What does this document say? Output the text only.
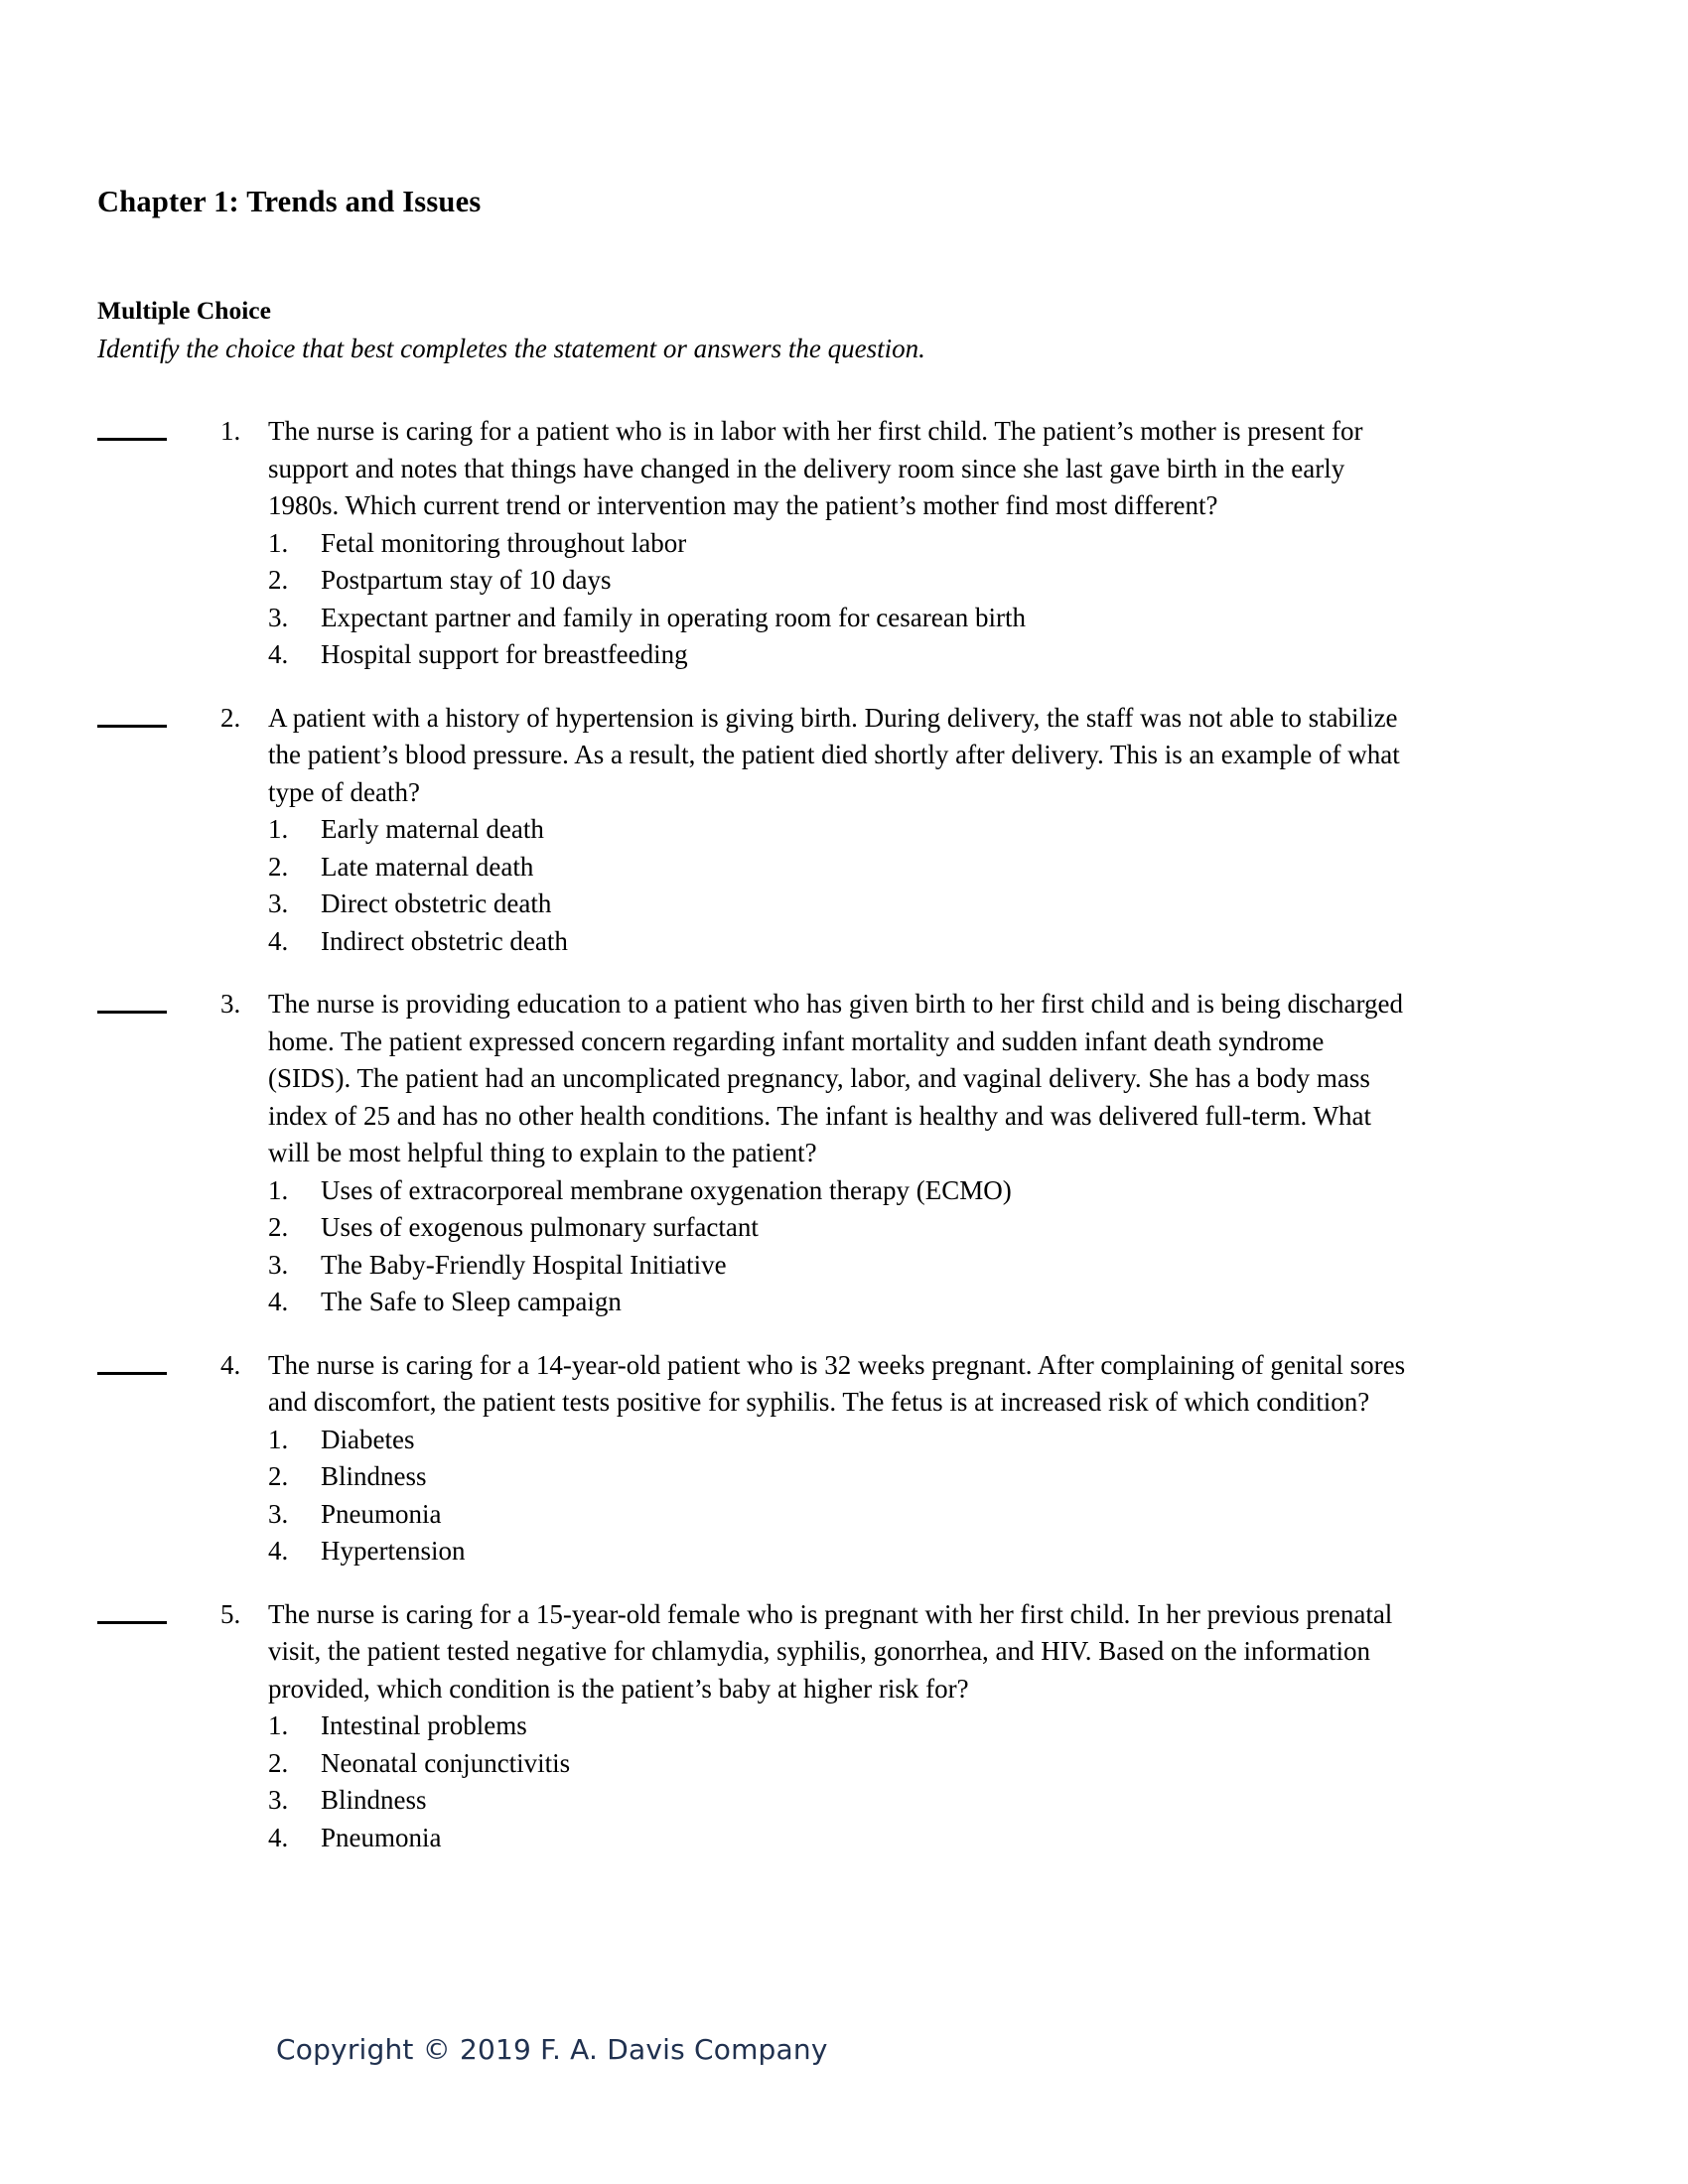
Chapter 1: Trends and Issues
Multiple Choice
Identify the choice that best completes the statement or answers the question.
1.	The nurse is caring for a patient who is in labor with her first child. The patient’s mother is present for support and notes that things have changed in the delivery room since she last gave birth in the early 1980s. Which current trend or intervention may the patient’s mother find most different?
1.	Fetal monitoring throughout labor
2.	Postpartum stay of 10 days
3.	Expectant partner and family in operating room for cesarean birth
4.	Hospital support for breastfeeding
2.	A patient with a history of hypertension is giving birth. During delivery, the staff was not able to stabilize the patient’s blood pressure. As a result, the patient died shortly after delivery. This is an example of what type of death?
1.	Early maternal death
2.	Late maternal death
3.	Direct obstetric death
4.	Indirect obstetric death
3.	The nurse is providing education to a patient who has given birth to her first child and is being discharged home. The patient expressed concern regarding infant mortality and sudden infant death syndrome (SIDS). The patient had an uncomplicated pregnancy, labor, and vaginal delivery. She has a body mass index of 25 and has no other health conditions. The infant is healthy and was delivered full-term. What will be most helpful thing to explain to the patient?
1.	Uses of extracorporeal membrane oxygenation therapy (ECMO)
2.	Uses of exogenous pulmonary surfactant
3.	The Baby-Friendly Hospital Initiative
4.	The Safe to Sleep campaign
4.	The nurse is caring for a 14-year-old patient who is 32 weeks pregnant. After complaining of genital sores and discomfort, the patient tests positive for syphilis. The fetus is at increased risk of which condition?
1.	Diabetes
2.	Blindness
3.	Pneumonia
4.	Hypertension
5.	The nurse is caring for a 15-year-old female who is pregnant with her first child. In her previous prenatal visit, the patient tested negative for chlamydia, syphilis, gonorrhea, and HIV. Based on the information provided, which condition is the patient’s baby at higher risk for?
1.	Intestinal problems
2.	Neonatal conjunctivitis
3.	Blindness
4.	Pneumonia
Copyright © 2019 F. A. Davis Company
